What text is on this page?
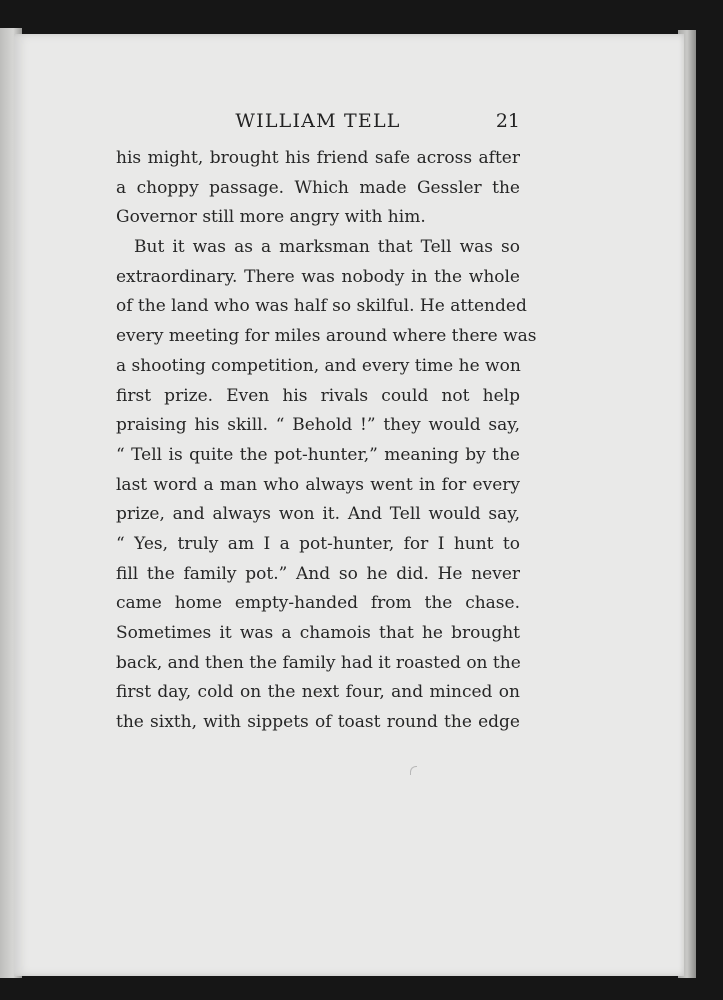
WILLIAM TELL	21
his might, brought his friend safe across after
a choppy passage. Which made Gessler the
Governor still more angry with him.
But it was as a marksman that Tell was so
extraordinary. There was nobody in the whole
of the land who was half so skilful. He attended
every meeting for miles around where there was
a shooting competition, and every time he won
first prize. Even his rivals could not help
praising his skill. “ Behold !” they would say,
“ Tell is quite the pot-hunter,” meaning by the
last word a man who always went in for every
prize, and always won it. And Tell would say,
“ Yes, truly am I a pot-hunter, for I hunt to
fill the family pot.” And so he did. He never
came home empty-handed from the chase.
Sometimes it was a chamois that he brought
back, and then the family had it roasted on the
first day, cold on the next four, and minced on
the sixth, with sippets of toast round the edge
